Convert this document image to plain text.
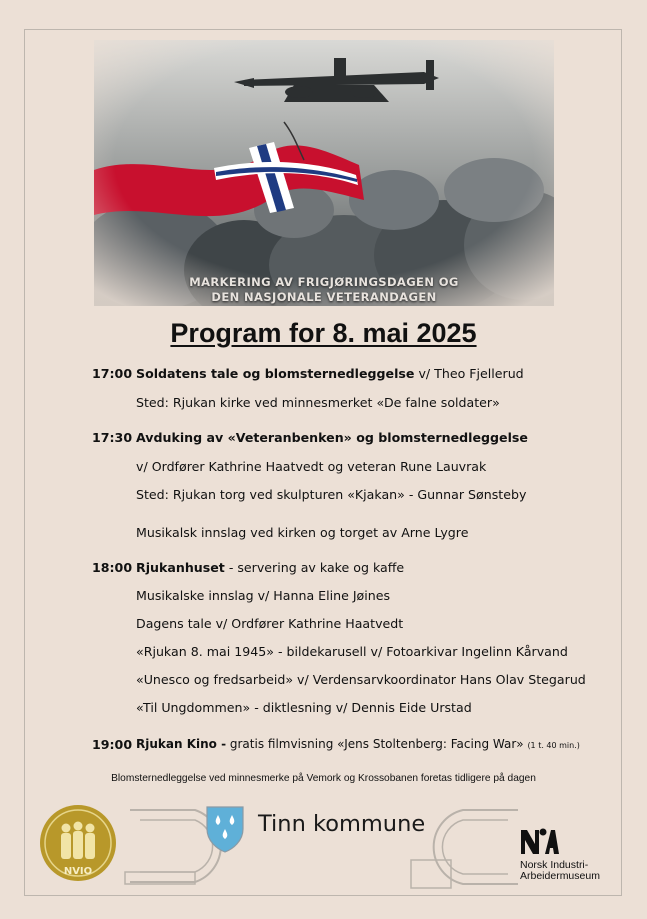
MARKERING AV FRIGJØRINGSDAGEN OG
DEN NASJONALE VETERANDAGEN
Program for 8. mai 2025
17:00 Soldatens tale og blomsternedleggelse v/ Theo Fjellerud
Sted: Rjukan kirke ved minnesmerket «De falne soldater»
17:30 Avduking av «Veteranbenken» og blomsternedleggelse
v/ Ordfører Kathrine Haatvedt og veteran Rune Lauvrak
Sted: Rjukan torg ved skulpturen «Kjakan» - Gunnar Sønsteby
Musikalsk innslag ved kirken og torget av Arne Lygre
18:00 Rjukanhuset - servering av kake og kaffe
Musikalske innslag v/ Hanna Eline Jøines
Dagens tale v/ Ordfører Kathrine Haatvedt
«Rjukan 8. mai 1945» - bildekarusell v/ Fotoarkivar Ingelinn Kårvand
«Unesco og fredsarbeid» v/ Verdensarvkoordinator Hans Olav Stegarud
«Til Ungdommen» - diktlesning v/ Dennis Eide Urstad
19:00 Rjukan Kino - gratis filmvisning «Jens Stoltenberg: Facing War» (1 t. 40 min.)
Blomsternedleggelse ved minnesmerke på Vemork og Krossobanen foretas tidligere på dagen
NVIO
Tinn kommune
Norsk Industri-
Arbeidermuseum
